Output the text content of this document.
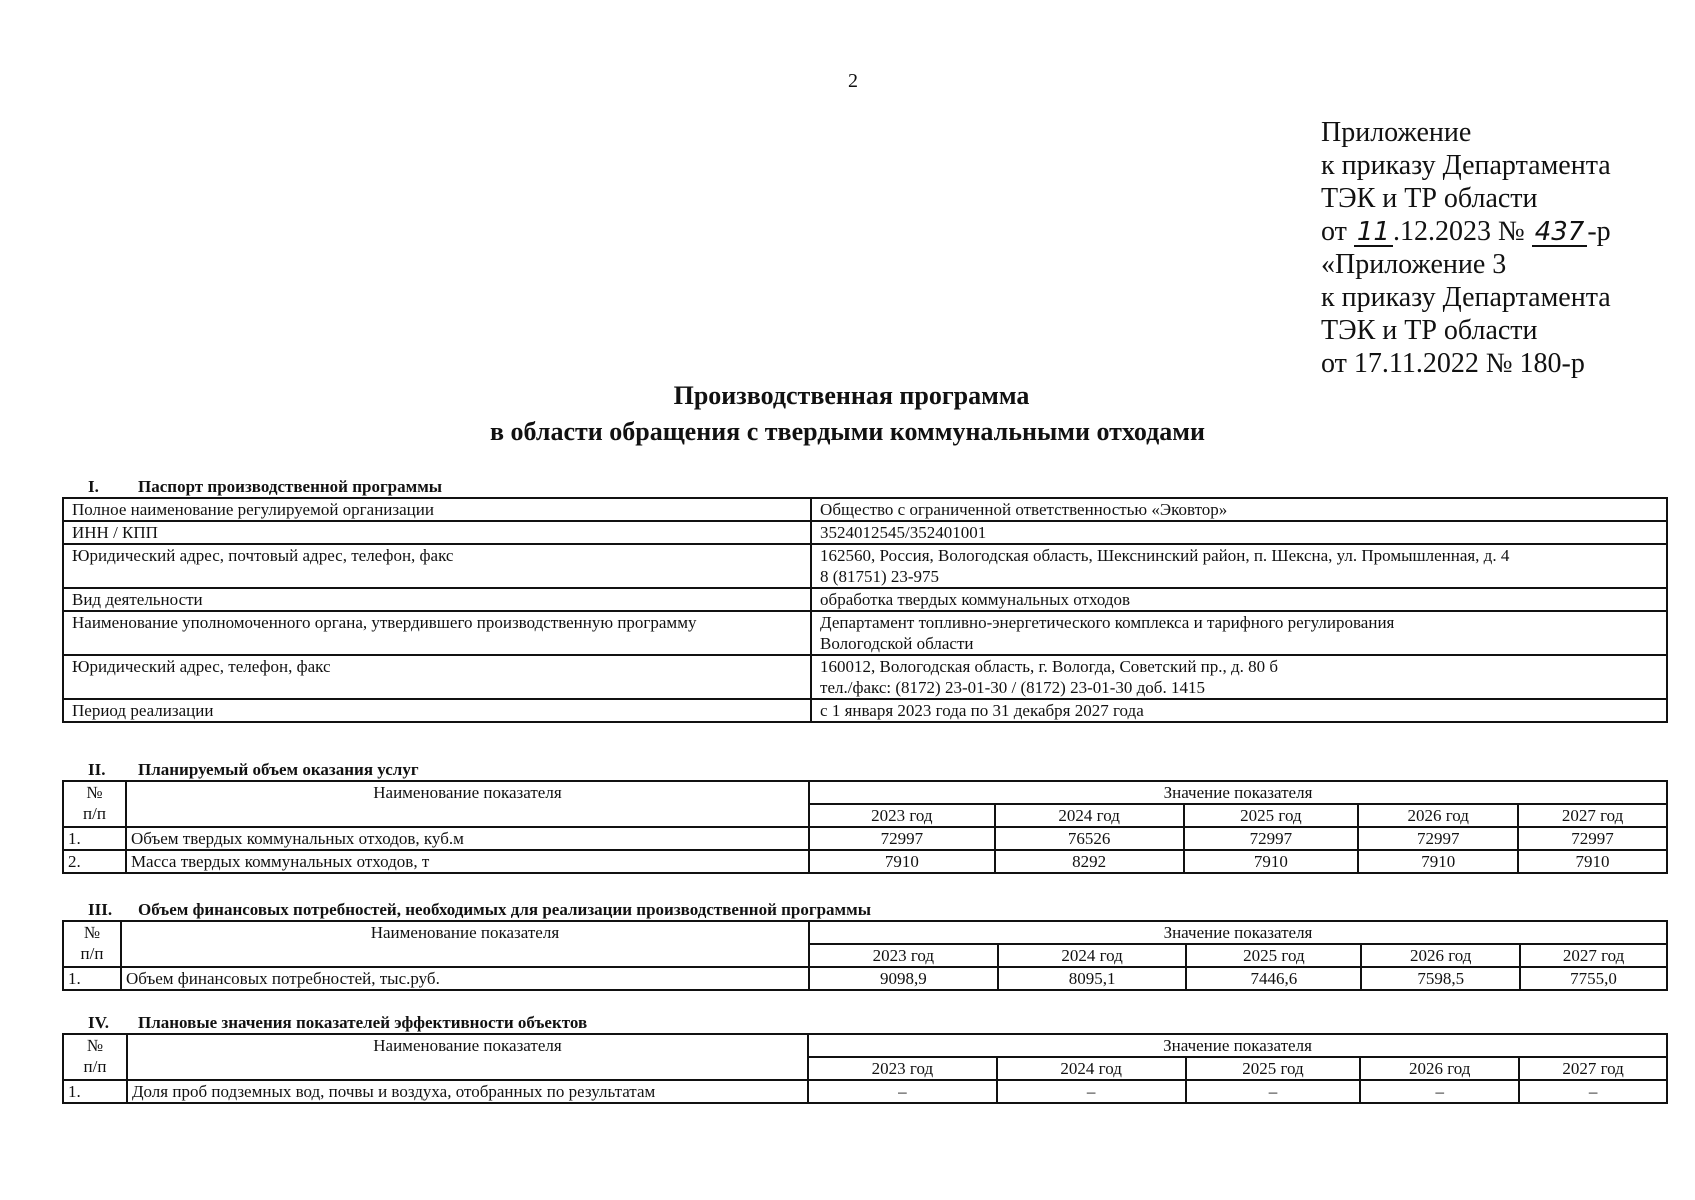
2
Приложение
к приказу Департамента
ТЭК и ТР области
от 11 .12.2023 № 437 -р
«Приложение 3
к приказу Департамента
ТЭК и ТР области
от 17.11.2022 № 180-р
Производственная программа
в области обращения с твердыми коммунальными отходами
I. Паспорт производственной программы
Полное наименование регулируемой организации	Общество с ограниченной ответственностью «Эковтор»
ИНН / КПП	3524012545/352401001
Юридический адрес, почтовый адрес, телефон, факс	162560, Россия, Вологодская область, Шекснинский район, п. Шексна, ул. Промышленная, д. 4
8 (81751) 23-975

Вид деятельности	обработка твердых коммунальных отходов
Наименование уполномоченного органа, утвердившего производственную программу	Департамент топливно-энергетического комплекса и тарифного регулирования
Вологодской области

Юридический адрес, телефон, факс	160012, Вологодская область, г. Вологда, Советский пр., д. 80 б
тел./факс: (8172) 23-01-30 / (8172) 23-01-30 доб. 1415

Период реализации	с 1 января 2023 года по 31 декабря 2027 года
II. Планируемый объем оказания услуг
№
п/п	Наименование показателя	Значение показателя				
		2023 год	2024 год	2025 год	2026 год	2027 год
1.	Объем твердых коммунальных отходов, куб.м	72997	76526	72997	72997	72997
2.	Масса твердых коммунальных отходов, т	7910	8292	7910	7910	7910
III. Объем финансовых потребностей, необходимых для реализации производственной программы
№
п/п	Наименование показателя	Значение показателя				
		2023 год	2024 год	2025 год	2026 год	2027 год
1.	Объем финансовых потребностей, тыс.руб.	9098,9	8095,1	7446,6	7598,5	7755,0
IV. Плановые значения показателей эффективности объектов
№
п/п	Наименование показателя	Значение показателя				
		2023 год	2024 год	2025 год	2026 год	2027 год
1.	Доля проб подземных вод, почвы и воздуха, отобранных по результатам	–	–	–	–	–
